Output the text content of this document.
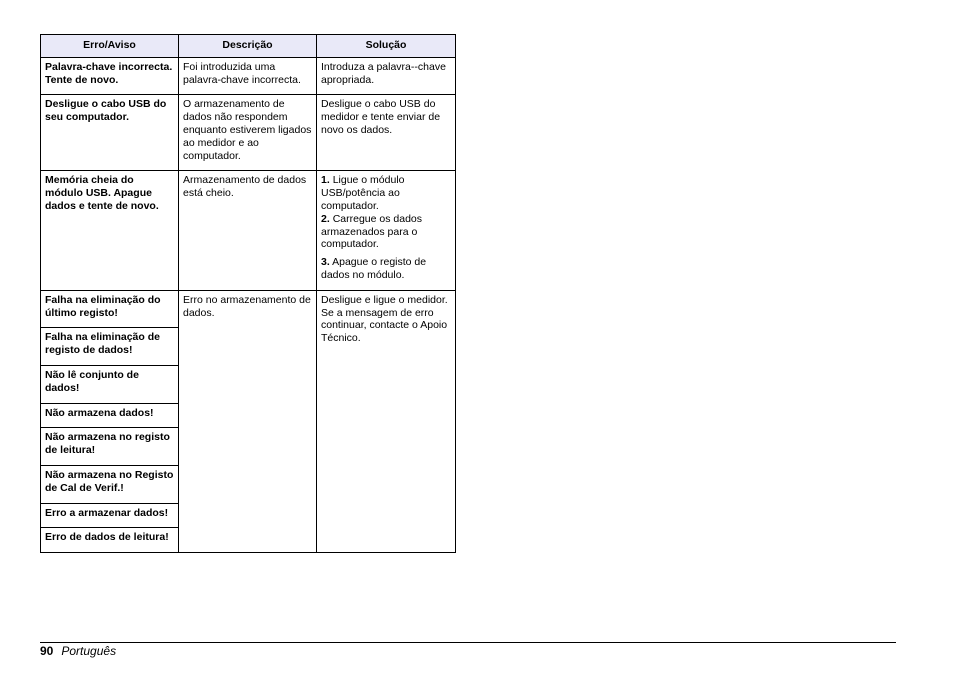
Erro/Aviso	Descrição	Solução
Palavra-chave incorrecta. Tente de novo.	Foi introduzida uma palavra-chave incorrecta.	Introduza a palavra--chave apropriada.
Desligue o cabo USB do seu computador.	O armazenamento de dados não respondem enquanto estiverem ligados ao medidor e ao computador.	Desligue o cabo USB do medidor e tente enviar de novo os dados.
Memória cheia do módulo USB. Apague dados e tente de novo.	Armazenamento de dados está cheio.	1. Ligue o módulo USB/potência ao computador.
2. Carregue os dados armazenados para o computador.
3. Apague o registo de dados no módulo.

Falha na eliminação do último registo!	Erro no armazenamento de dados.	Desligue e ligue o medidor. Se a mensagem de erro continuar, contacte o Apoio Técnico.
Falha na eliminação de registo de dados!		
Não lê conjunto de dados!		
Não armazena dados!		
Não armazena no registo de leitura!		
Não armazena no Registo de Cal de Verif.!		
Erro a armazenar dados!		
Erro de dados de leitura!		
90 Português
